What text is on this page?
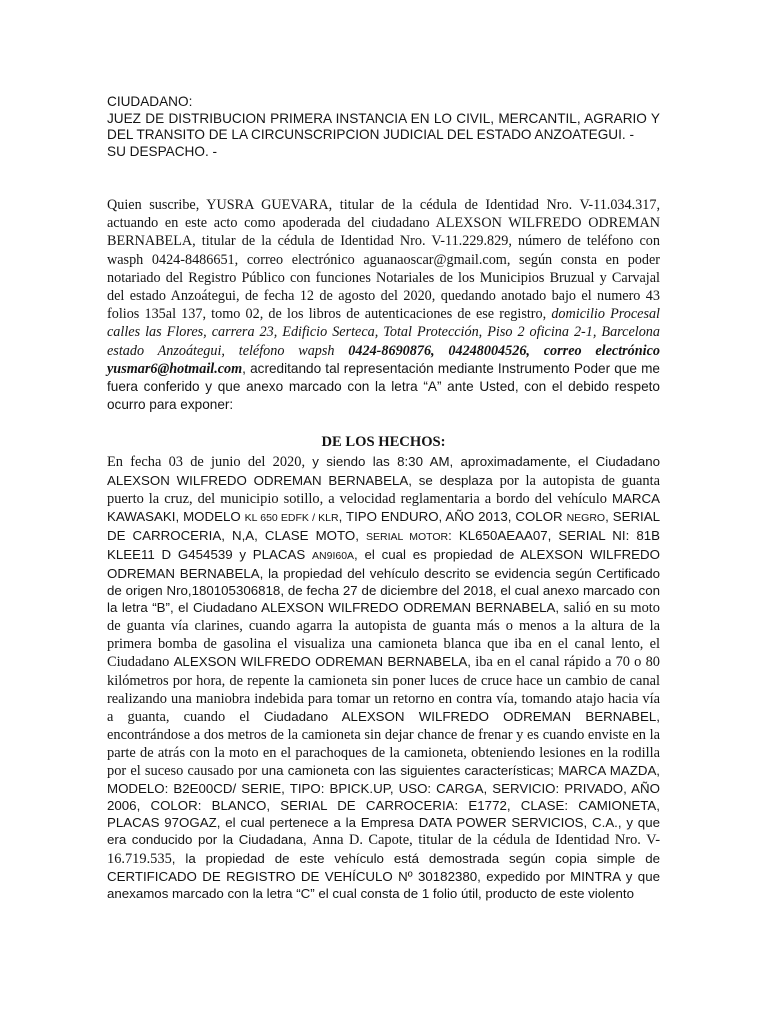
CIUDADANO:
JUEZ DE DISTRIBUCION PRIMERA INSTANCIA EN LO CIVIL, MERCANTIL, AGRARIO Y DEL TRANSITO DE LA CIRCUNSCRIPCION JUDICIAL DEL ESTADO ANZOATEGUI. -
SU DESPACHO. -

Quien suscribe, YUSRA GUEVARA, titular de la cédula de Identidad Nro. V-11.034.317, actuando en este acto como apoderada del ciudadano ALEXSON WILFREDO ODREMAN BERNABELA, titular de la cédula de Identidad Nro. V-11.229.829, número de teléfono con wasph 0424-8486651, correo electrónico aguanaoscar@gmail.com, según consta en poder notariado del Registro Público con funciones Notariales de los Municipios Bruzual y Carvajal del estado Anzoátegui, de fecha 12 de agosto del 2020, quedando anotado bajo el numero 43 folios 135al 137, tomo 02, de los libros de autenticaciones de ese registro, domicilio Procesal calles las Flores, carrera 23, Edificio Serteca, Total Protección, Piso 2 oficina 2-1, Barcelona estado Anzoátegui, teléfono wapsh 0424-8690876, 04248004526, correo electrónico yusmar6@hotmail.com, acreditando tal representación mediante Instrumento Poder que me fuera conferido y que anexo marcado con la letra “A” ante Usted, con el debido respeto ocurro para exponer:

DE LOS HECHOS:

En fecha 03 de junio del 2020, y siendo las 8:30 AM, aproximadamente, el Ciudadano ALEXSON WILFREDO ODREMAN BERNABELA, se desplaza por la autopista de guanta puerto la cruz, del municipio sotillo, a velocidad reglamentaria a bordo del vehículo MARCA KAWASAKI, MODELO KL 650 EDFK / KLR, TIPO ENDURO, AÑO 2013, COLOR NEGRO, SERIAL DE CARROCERIA, N,A, CLASE MOTO, SERIAL MOTOR: KL650AEAA07, SERIAL NI: 81B KLEE11 D G454539 y PLACAS AN9I60A, el cual es propiedad de ALEXSON WILFREDO ODREMAN BERNABELA, la propiedad del vehículo descrito se evidencia según Certificado de origen Nro,180105306818, de fecha 27 de diciembre del 2018, el cual anexo marcado con la letra “B”, el Ciudadano ALEXSON WILFREDO ODREMAN BERNABELA, salió en su moto de guanta vía clarines, cuando agarra la autopista de guanta más o menos a la altura de la primera bomba de gasolina el visualiza una camioneta blanca que iba en el canal lento, el Ciudadano ALEXSON WILFREDO ODREMAN BERNABELA, iba en el canal rápido a 70 o 80 kilómetros por hora, de repente la camioneta sin poner luces de cruce hace un cambio de canal realizando una maniobra indebida para tomar un retorno en contra vía, tomando atajo hacia vía a guanta, cuando el Ciudadano ALEXSON WILFREDO ODREMAN BERNABEL, encontrándose a dos metros de la camioneta sin dejar chance de frenar y es cuando enviste en la parte de atrás con la moto en el parachoques de la camioneta, obteniendo lesiones en la rodilla por el suceso causado por una camioneta con las siguientes características; MARCA MAZDA, MODELO: B2E00CD/ SERIE, TIPO: BPICK.UP, USO: CARGA, SERVICIO: PRIVADO, AÑO 2006, COLOR: BLANCO, SERIAL DE CARROCERIA: E1772, CLASE: CAMIONETA, PLACAS 97OGAZ, el cual pertenece a la Empresa DATA POWER SERVICIOS, C.A., y que era conducido por la Ciudadana, Anna D. Capote, titular de la cédula de Identidad Nro. V- 16.719.535, la propiedad de este vehículo está demostrada según copia simple de CERTIFICADO DE REGISTRO DE VEHÍCULO Nº 30182380, expedido por MINTRA y que anexamos marcado con la letra “C” el cual consta de 1 folio útil, producto de este violento
